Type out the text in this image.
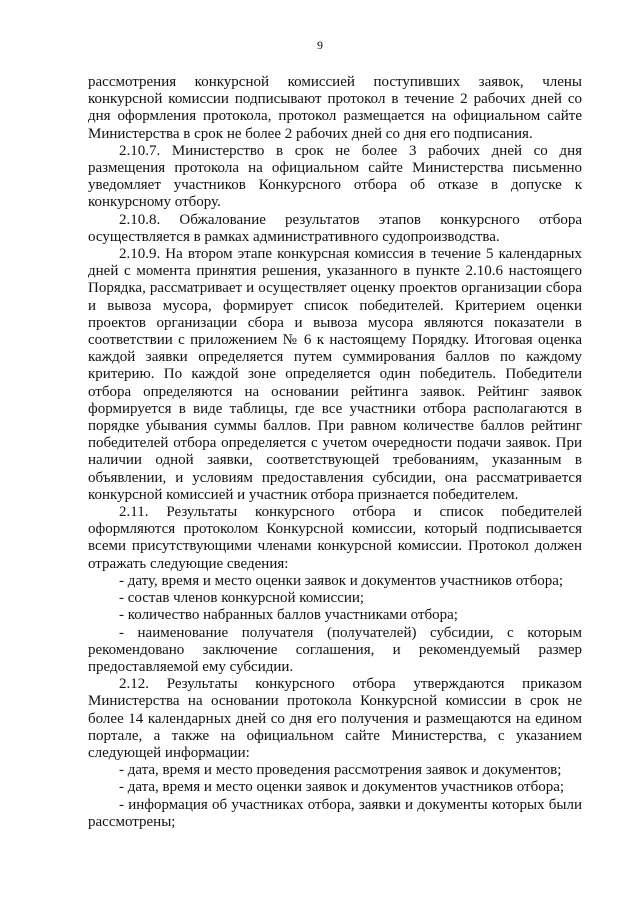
9

рассмотрения конкурсной комиссией поступивших заявок, члены конкурсной комиссии подписывают протокол в течение 2 рабочих дней со дня оформления протокола, протокол размещается на официальном сайте Министерства в срок не более 2 рабочих дней со дня его подписания.

2.10.7. Министерство в срок не более 3 рабочих дней со дня размещения протокола на официальном сайте Министерства письменно уведомляет участников Конкурсного отбора об отказе в допуске к конкурсному отбору.

2.10.8. Обжалование результатов этапов конкурсного отбора осуществляется в рамках административного судопроизводства.

2.10.9. На втором этапе конкурсная комиссия в течение 5 календарных дней с момента принятия решения, указанного в пункте 2.10.6 настоящего Порядка, рассматривает и осуществляет оценку проектов организации сбора и вывоза мусора, формирует список победителей. Критерием оценки проектов организации сбора и вывоза мусора являются показатели в соответствии с приложением № 6 к настоящему Порядку. Итоговая оценка каждой заявки определяется путем суммирования баллов по каждому критерию. По каждой зоне определяется один победитель. Победители отбора определяются на основании рейтинга заявок. Рейтинг заявок формируется в виде таблицы, где все участники отбора располагаются в порядке убывания суммы баллов. При равном количестве баллов рейтинг победителей отбора определяется с учетом очередности подачи заявок. При наличии одной заявки, соответствующей требованиям, указанным в объявлении, и условиям предоставления субсидии, она рассматривается конкурсной комиссией и участник отбора признается победителем.

2.11. Результаты конкурсного отбора и список победителей оформляются протоколом Конкурсной комиссии, который подписывается всеми присутствующими членами конкурсной комиссии. Протокол должен отражать следующие сведения:

- дату, время и место оценки заявок и документов участников отбора;

- состав членов конкурсной комиссии;

- количество набранных баллов участниками отбора;

- наименование получателя (получателей) субсидии, с которым рекомендовано заключение соглашения, и рекомендуемый размер предоставляемой ему субсидии.

2.12. Результаты конкурсного отбора утверждаются приказом Министерства на основании протокола Конкурсной комиссии в срок не более 14 календарных дней со дня его получения и размещаются на едином портале, а также на официальном сайте Министерства, с указанием следующей информации:

- дата, время и место проведения рассмотрения заявок и документов;

- дата, время и место оценки заявок и документов участников отбора;

- информация об участниках отбора, заявки и документы которых были рассмотрены;
